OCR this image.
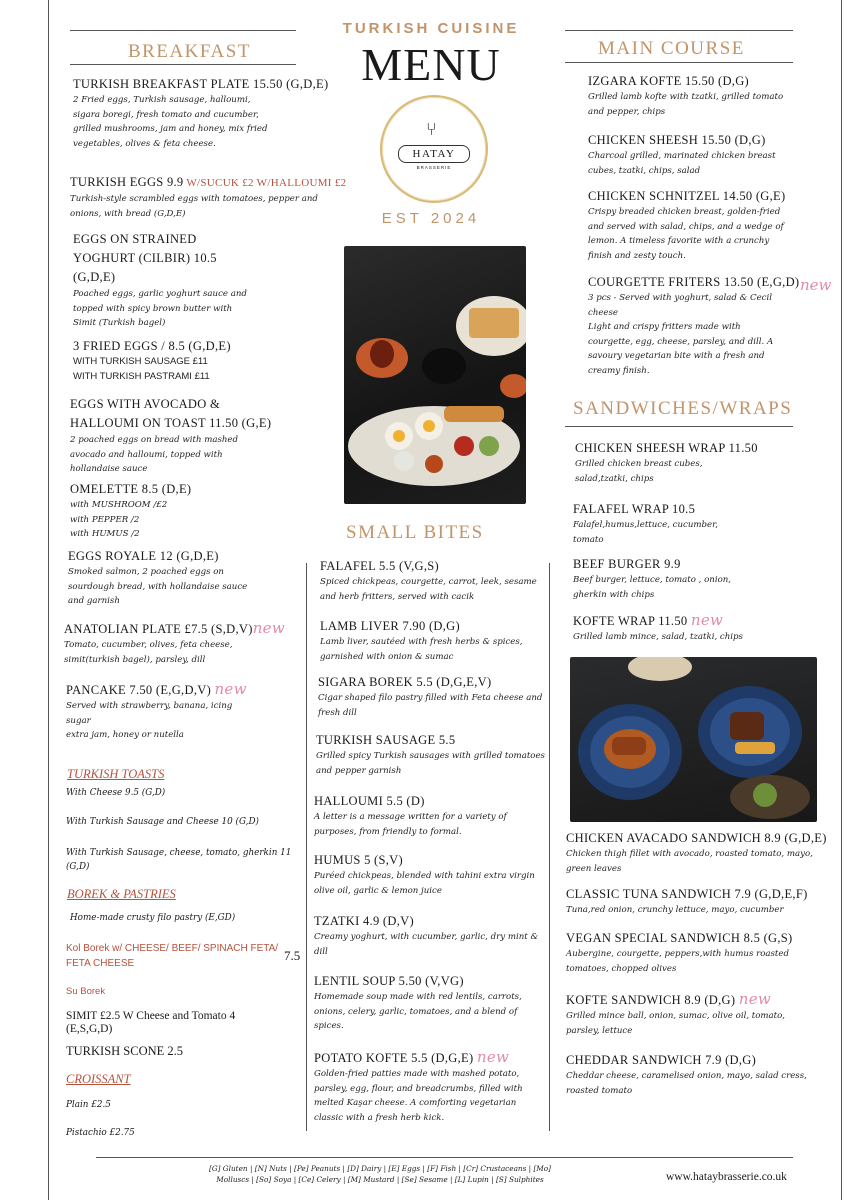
TURKISH CUISINE
MENU
⑂
HATAY
BRASSERIE
EST 2024
BREAKFAST
TURKISH BREAKFAST PLATE 15.50 (G,D,E)
2 Fried eggs, Turkish sausage, halloumi, sigara boregi, fresh tomato and cucumber, grilled mushrooms, jam and honey, mix fried vegetables, olives & feta cheese.
TURKISH EGGS 9.9 W/SUCUK £2 W/HALLOUMI £2
Turkish-style scrambled eggs with tomatoes, pepper and onions, with bread (G,D,E)
EGGS ON STRAINED YOGHURT (CILBIR) 10.5 (G,D,E)
Poached eggs, garlic yoghurt sauce and topped with spicy brown butter with Simit (Turkish bagel)
3 FRIED EGGS / 8.5 (G,D,E)
WITH TURKISH SAUSAGE £11
WITH TURKISH PASTRAMI £11
EGGS WITH AVOCADO & HALLOUMI ON TOAST 11.50 (G,E)
2 poached eggs on bread with mashed avocado and halloumi, topped with hollandaise sauce
OMELETTE 8.5 (D,E)
with MUSHROOM /£2
with PEPPER /2
with HUMUS /2
EGGS ROYALE 12 (G,D,E)
Smoked salmon, 2 poached eggs on sourdough bread, with hollandaise sauce and garnish
ANATOLIAN PLATE £7.5 (S,D,V)new
Tomato, cucumber, olives, feta cheese, simit(turkish bagel), parsley, dill
PANCAKE 7.50 (E,G,D,V) new
Served with strawberry, banana, icing sugar
extra jam, honey or nutella
TURKISH TOASTS
With Cheese 9.5 (G,D)
With Turkish Sausage and Cheese 10 (G,D)
With Turkish Sausage, cheese, tomato, gherkin 11 (G,D)
BOREK & PASTRIES
Home-made crusty filo pastry (E,GD)
Kol Borek w/ CHEESE/ BEEF/ SPINACH FETA/ FETA CHEESE
7.5
Su Borek
SIMIT £2.5 W Cheese and Tomato 4 (E,S,G,D)
TURKISH SCONE 2.5
CROISSANT
Plain £2.5
Pistachio £2.75
SMALL BITES
FALAFEL 5.5 (V,G,S)
Spiced chickpeas, courgette, carrot, leek, sesame and herb fritters, served with cacik
LAMB LIVER 7.90 (D,G)
Lamb liver, sautéed with fresh herbs & spices, garnished with onion & sumac
SIGARA BOREK 5.5 (D,G,E,V)
Cigar shaped filo pastry filled with Feta cheese and fresh dill
TURKISH SAUSAGE 5.5
Grilled spicy Turkish sausages with grilled tomatoes and pepper garnish
HALLOUMI 5.5 (D)
A letter is a message written for a variety of purposes, from friendly to formal.
HUMUS 5 (S,V)
Puréed chickpeas, blended with tahini extra virgin olive oil, garlic & lemon juice
TZATKI 4.9 (D,V)
Creamy yoghurt, with cucumber, garlic, dry mint & dill
LENTIL SOUP 5.50 (V,VG)
Homemade soup made with red lentils, carrots, onions, celery, garlic, tomatoes, and a blend of spices.
POTATO KOFTE 5.5 (D,G,E) new
Golden-fried patties made with mashed potato, parsley, egg, flour, and breadcrumbs, filled with melted Kaşar cheese. A comforting vegetarian classic with a fresh herb kick.
MAIN COURSE
IZGARA KOFTE 15.50 (D,G)
Grilled lamb kofte with tzatki, grilled tomato and pepper, chips
CHICKEN SHEESH 15.50 (D,G)
Charcoal grilled, marinated chicken breast cubes, tzatki, chips, salad
CHICKEN SCHNITZEL 14.50 (G,E)
Crispy breaded chicken breast, golden-fried and served with salad, chips, and a wedge of lemon. A timeless favorite with a crunchy finish and zesty touch.
COURGETTE FRITERS 13.50 (E,G,D)
3 pcs - Served with yoghurt, salad & Cecil cheese
Light and crispy fritters made with courgette, egg, cheese, parsley, and dill. A savoury vegetarian bite with a fresh and creamy finish.
new
SANDWICHES/WRAPS
CHICKEN SHEESH WRAP 11.50
Grilled chicken breast cubes, salad,tzatki, chips
FALAFEL WRAP 10.5
Falafel,humus,lettuce, cucumber, tomato
BEEF BURGER 9.9
Beef burger, lettuce, tomato , onion, gherkin with chips
KOFTE WRAP 11.50 new
Grilled lamb mince, salad, tzatki, chips
CHICKEN AVACADO SANDWICH 8.9 (G,D,E)
Chicken thigh fillet with avocado, roasted tomato, mayo, green leaves
CLASSIC TUNA SANDWICH 7.9 (G,D,E,F)
Tuna,red onion, crunchy lettuce, mayo, cucumber
VEGAN SPECIAL SANDWICH 8.5 (G,S)
Aubergine, courgette, peppers,with humus roasted tomatoes, chopped olives
KOFTE SANDWICH 8.9 (D,G) new
Grilled mince ball, onion, sumac, olive oil, tomato, parsley, lettuce
CHEDDAR SANDWICH 7.9 (D,G)
Cheddar cheese, caramelised onion, mayo, salad cress, roasted tomato
[G] Gluten | [N] Nuts | [Pe] Peanuts | [D] Dairy | [E] Eggs | [F] Fish | [Cr] Crustaceans | [Mo]
Molluscs | [So] Soya | [Ce] Celery | [M] Mustard | [Se] Sesame | [L] Lupin | [S] Sulphites	www.hataybrasserie.co.uk
